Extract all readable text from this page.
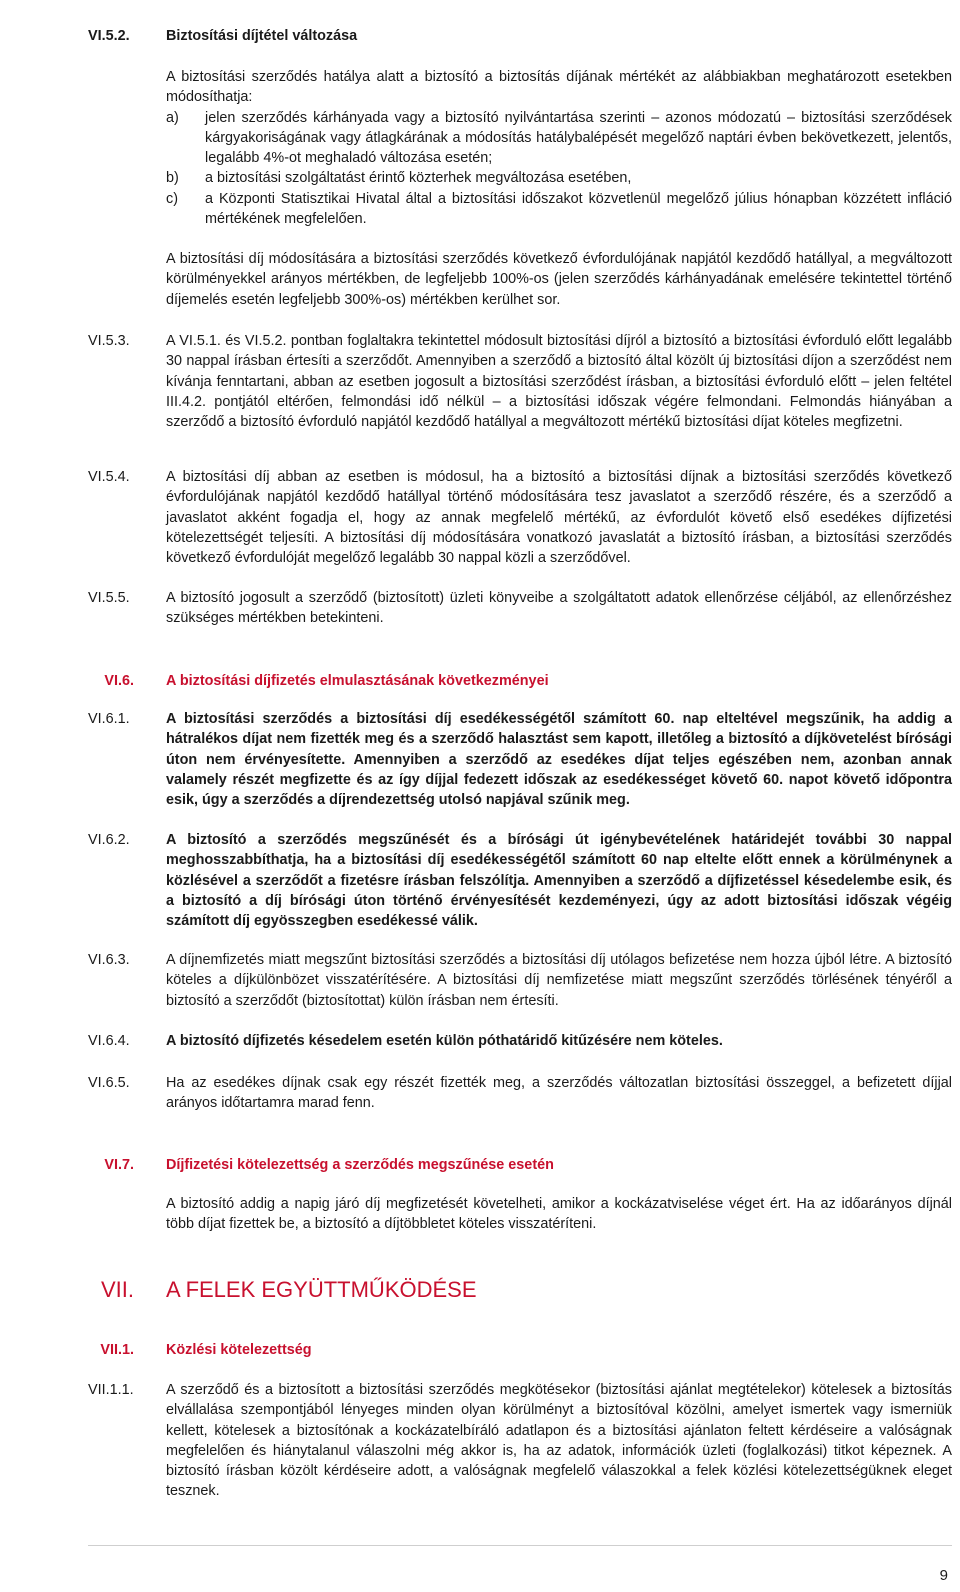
VI.5.2.	Biztosítási díjtétel változása
A biztosítási szerződés hatálya alatt a biztosító a biztosítás díjának mértékét az alábbiakban meghatározott esetekben módosíthatja:
a)	jelen szerződés kárhányada vagy a biztosító nyilvántartása szerinti – azonos módozatú – biztosítási szerződések kárgyakoriságának vagy átlagkárának a módosítás hatálybalépését megelőző naptári évben bekövetkezett, jelentős, legalább 4%-ot meghaladó változása esetén;
b)	a biztosítási szolgáltatást érintő közterhek megváltozása esetében,
c)	a Központi Statisztikai Hivatal által a biztosítási időszakot közvetlenül megelőző július hónapban közzétett infláció mértékének megfelelően.
A biztosítási díj módosítására a biztosítási szerződés következő évfordulójának napjától kezdődő hatállyal, a megváltozott körülményekkel arányos mértékben, de legfeljebb 100%-os (jelen szerződés kárhányadának emelésére tekintettel történő díjemelés esetén legfeljebb 300%-os) mértékben kerülhet sor.
VI.5.3.	A VI.5.1. és VI.5.2. pontban foglaltakra tekintettel módosult biztosítási díjról a biztosító a biztosítási évforduló előtt legalább 30 nappal írásban értesíti a szerződőt. Amennyiben a szerződő a biztosító által közölt új biztosítási díjon a szerződést nem kívánja fenntartani, abban az esetben jogosult a biztosítási szerződést írásban, a biztosítási évforduló előtt – jelen feltétel III.4.2. pontjától eltérően, felmondási idő nélkül – a biztosítási időszak végére felmondani. Felmondás hiányában a szerződő a biztosító évforduló napjától kezdődő hatállyal a megváltozott mértékű biztosítási díjat köteles megfizetni.
VI.5.4.	A biztosítási díj abban az esetben is módosul, ha a biztosító a biztosítási díjnak a biztosítási szerződés következő évfordulójának napjától kezdődő hatállyal történő módosítására tesz javaslatot a szerződő részére, és a szerződő a javaslatot akként fogadja el, hogy az annak megfelelő mértékű, az évfordulót követő első esedékes díjfizetési kötelezettségét teljesíti. A biztosítási díj módosítására vonatkozó javaslatát a biztosító írásban, a biztosítási szerződés következő évfordulóját megelőző legalább 30 nappal közli a szerződővel.
VI.5.5.	A biztosító jogosult a szerződő (biztosított) üzleti könyveibe a szolgáltatott adatok ellenőrzése céljából, az ellenőrzéshez szükséges mértékben betekinteni.
VI.6. A biztosítási díjfizetés elmulasztásának következményei
VI.6.1.	A biztosítási szerződés a biztosítási díj esedékességétől számított 60. nap elteltével megszűnik, ha addig a hátralékos díjat nem fizették meg és a szerződő halasztást sem kapott, illetőleg a biztosító a díjkövetelést bírósági úton nem érvényesítette. Amennyiben a szerződő az esedékes díjat teljes egészében nem, azonban annak valamely részét megfizette és az így díjjal fedezett időszak az esedékességet követő 60. napot követő időpontra esik, úgy a szerződés a díjrendezettség utolsó napjával szűnik meg.
VI.6.2.	A biztosító a szerződés megszűnését és a bírósági út igénybevételének határidejét további 30 nappal meghosszabbíthatja, ha a biztosítási díj esedékességétől számított 60 nap eltelte előtt ennek a körülménynek a közlésével a szerződőt a fizetésre írásban felszólítja. Amennyiben a szerződő a díjfizetéssel késedelembe esik, és a biztosító a díj bírósági úton történő érvényesítését kezdeményezi, úgy az adott biztosítási időszak végéig számított díj egyösszegben esedékessé válik.
VI.6.3.	A díjnemfizetés miatt megszűnt biztosítási szerződés a biztosítási díj utólagos befizetése nem hozza újból létre. A biztosító köteles a díjkülönbözet visszatérítésére. A biztosítási díj nemfizetése miatt megszűnt szerződés törlésének tényéről a biztosító a szerződőt (biztosítottat) külön írásban nem értesíti.
VI.6.4.	A biztosító díjfizetés késedelem esetén külön póthatáridő kitűzésére nem köteles.
VI.6.5.	Ha az esedékes díjnak csak egy részét fizették meg, a szerződés változatlan biztosítási összeggel, a befizetett díjjal arányos időtartamra marad fenn.
VI.7. Díjfizetési kötelezettség a szerződés megszűnése esetén
A biztosító addig a napig járó díj megfizetését követelheti, amikor a kockázatviselése véget ért. Ha az időarányos díjnál több díjat fizettek be, a biztosító a díjtöbbletet köteles visszatéríteni.
VII. A FELEK EGYÜTTMŰKÖDÉSE
VII.1. Közlési kötelezettség
VII.1.1.	A szerződő és a biztosított a biztosítási szerződés megkötésekor (biztosítási ajánlat megtételekor) kötelesek a biztosítás elvállalása szempontjából lényeges minden olyan körülményt a biztosítóval közölni, amelyet ismertek vagy ismerniük kellett, kötelesek a biztosítónak a kockázatelbíráló adatlapon és a biztosítási ajánlaton feltett kérdéseire a valóságnak megfelelően és hiánytalanul válaszolni még akkor is, ha az adatok, információk üzleti (foglalkozási) titkot képeznek. A biztosító írásban közölt kérdéseire adott, a valóságnak megfelelő válaszokkal a felek közlési kötelezettségüknek eleget tesznek.
9
